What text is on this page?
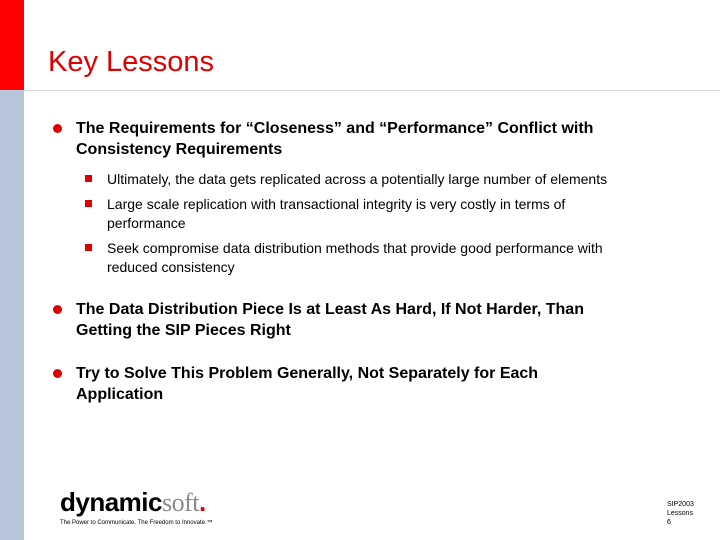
Key Lessons
The Requirements for “Closeness” and “Performance” Conflict with
Consistency Requirements
Ultimately, the data gets replicated across a potentially large number of elements
Large scale replication with transactional integrity is very costly in terms of
performance
Seek compromise data distribution methods that provide good performance with
reduced consistency
The Data Distribution Piece Is at Least As Hard, If Not Harder, Than
Getting the SIP Pieces Right
Try to Solve This Problem Generally, Not Separately for Each
Application
dynamicsoft.
The Power to Communicate. The Freedom to Innovate.™
SIP2003
Lessons
6
